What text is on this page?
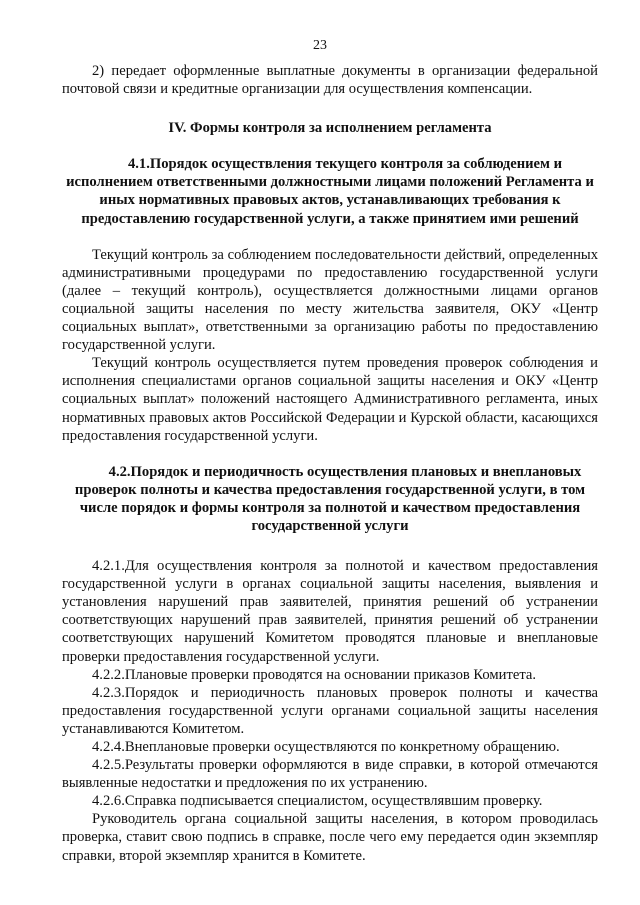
23

2) передает оформленные выплатные документы в организации федеральной почтовой связи и кредитные организации для осуществления компенсации.

IV. Формы контроля за исполнением регламента

4.1.Порядок осуществления текущего контроля за соблюдением и исполнением ответственными должностными лицами положений Регламента и иных нормативных правовых актов, устанавливающих требования к предоставлению государственной услуги, а также принятием ими решений

Текущий контроль за соблюдением последовательности действий, определенных административными процедурами по предоставлению государственной услуги (далее – текущий контроль), осуществляется должностными лицами органов социальной защиты населения по месту жительства заявителя, ОКУ «Центр социальных выплат», ответственными за организацию работы по предоставлению государственной услуги.

Текущий контроль осуществляется путем проведения проверок соблюдения и исполнения специалистами органов социальной защиты населения и ОКУ «Центр социальных выплат» положений настоящего Административного регламента, иных нормативных правовых актов Российской Федерации и Курской области, касающихся предоставления государственной услуги.

4.2.Порядок и периодичность осуществления плановых и внеплановых проверок полноты и качества предоставления государственной услуги, в том числе порядок и формы контроля за полнотой и качеством предоставления государственной услуги

4.2.1.Для осуществления контроля за полнотой и качеством предоставления государственной услуги в органах социальной защиты населения, выявления и установления нарушений прав заявителей, принятия решений об устранении соответствующих нарушений прав заявителей, принятия решений об устранении соответствующих нарушений Комитетом проводятся плановые и внеплановые проверки предоставления государственной услуги.

4.2.2.Плановые проверки проводятся на основании приказов Комитета.

4.2.3.Порядок и периодичность плановых проверок полноты и качества предоставления государственной услуги органами социальной защиты населения устанавливаются Комитетом.

4.2.4.Внеплановые проверки осуществляются по конкретному обращению.

4.2.5.Результаты проверки оформляются в виде справки, в которой отмечаются выявленные недостатки и предложения по их устранению.

4.2.6.Справка подписывается специалистом, осуществлявшим проверку.

Руководитель органа социальной защиты населения, в котором проводилась проверка, ставит свою подпись в справке, после чего ему передается один экземпляр справки, второй экземпляр хранится в Комитете.
